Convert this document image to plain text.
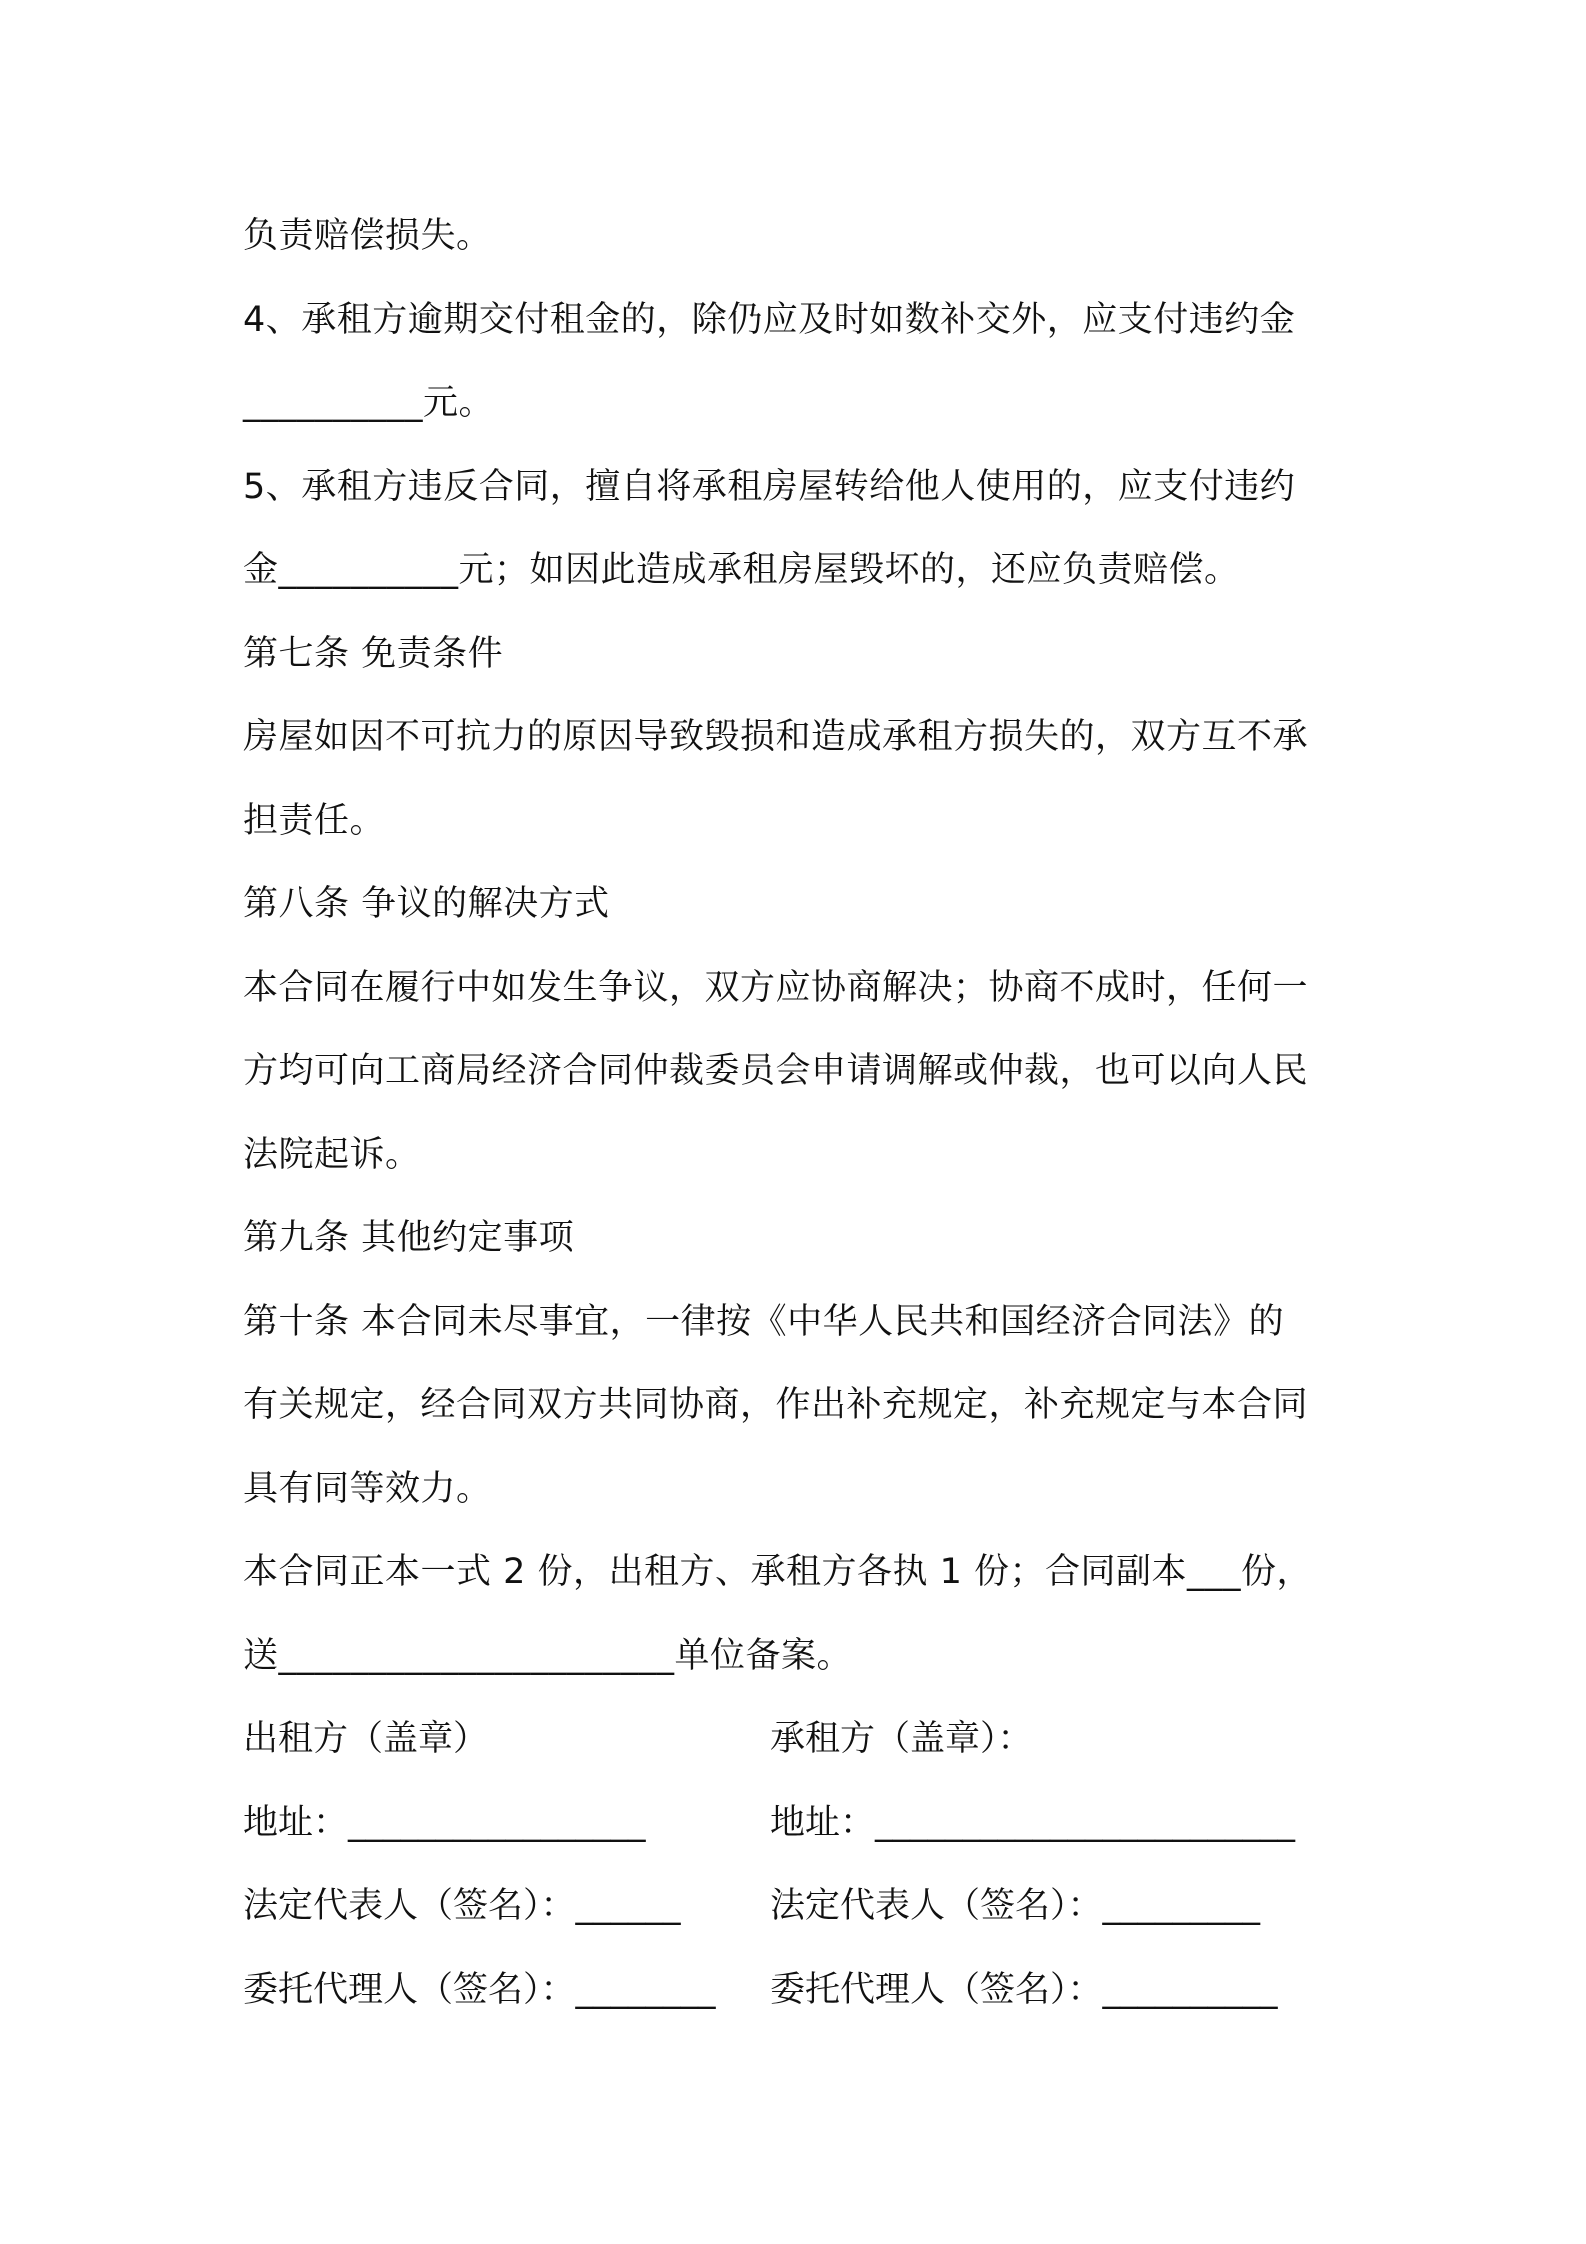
负责赔偿损失。
4、承租方逾期交付租金的，除仍应及时如数补交外，应支付违约金
__________元。
5、承租方违反合同，擅自将承租房屋转给他人使用的，应支付违约
金__________元；如因此造成承租房屋毁坏的，还应负责赔偿。
第七条 免责条件
房屋如因不可抗力的原因导致毁损和造成承租方损失的，双方互不承
担责任。
第八条 争议的解决方式
本合同在履行中如发生争议，双方应协商解决；协商不成时，任何一
方均可向工商局经济合同仲裁委员会申请调解或仲裁，也可以向人民
法院起诉。
第九条 其他约定事项
第十条 本合同未尽事宜，一律按《中华人民共和国经济合同法》的
有关规定，经合同双方共同协商，作出补充规定，补充规定与本合同
具有同等效力。
本合同正本一式 2 份，出租方、承租方各执 1 份；合同副本___份，
送______________________单位备案。
出租方（盖章）	承租方（盖章）：
地址：_________________	地址：________________________
法定代表人（签名）：______	法定代表人（签名）：_________
委托代理人（签名）：________ 委托代理人（签名）：__________
